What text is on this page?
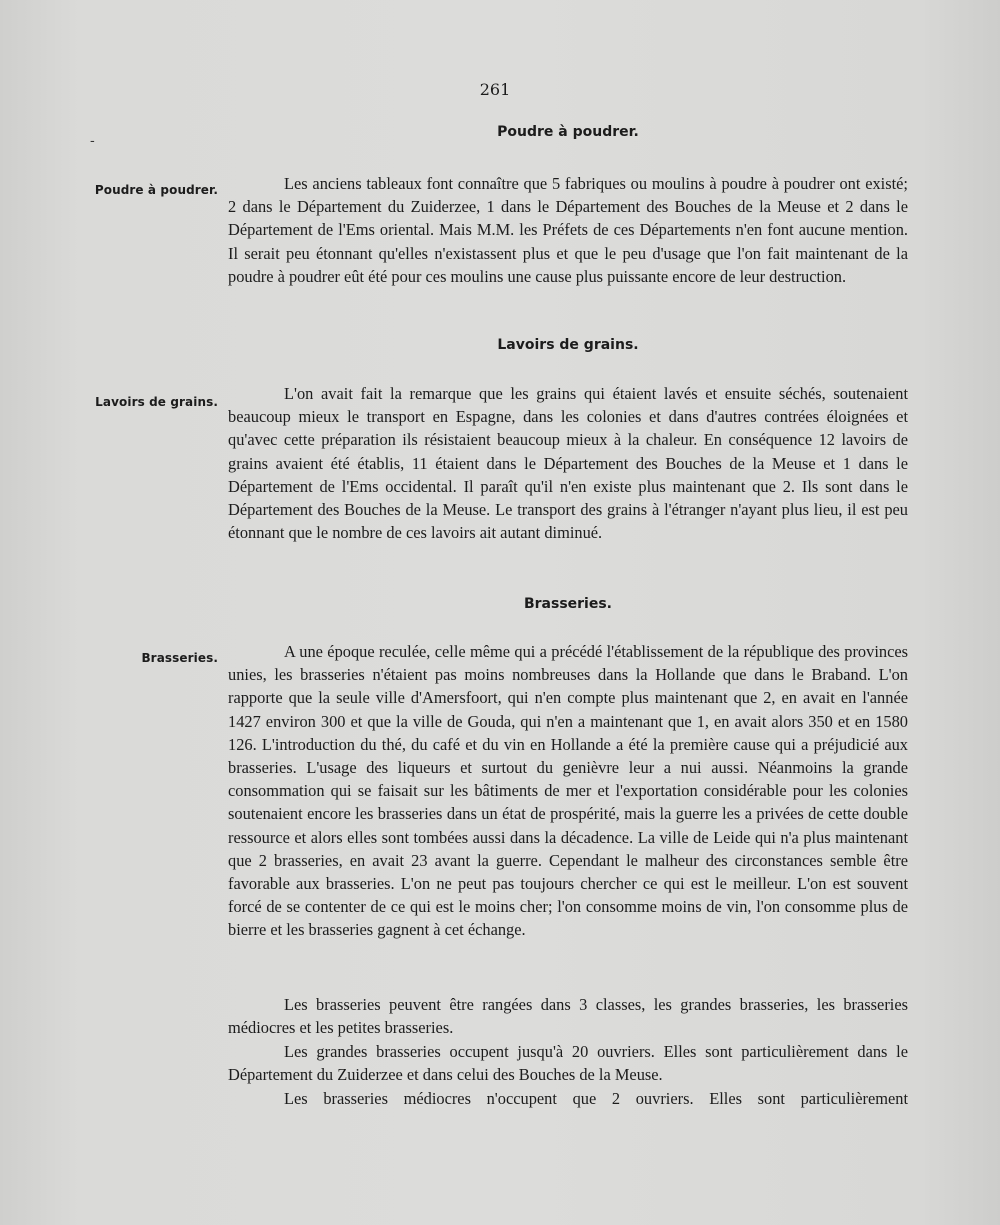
261
-
Poudre à poudrer.
Poudre à poudrer.	Les anciens tableaux font connaître que 5 fabriques ou moulins à poudre à poudrer ont existé; 2 dans le Département du Zuiderzee, 1 dans le Département des Bouches de la Meuse et 2 dans le Département de l'Ems oriental. Mais M.M. les Préfets de ces Départements n'en font aucune mention. Il serait peu étonnant qu'elles n'existassent plus et que le peu d'usage que l'on fait maintenant de la poudre à poudrer eût été pour ces moulins une cause plus puissante encore de leur destruction.

Lavoirs de grains.
Lavoirs de grains.	L'on avait fait la remarque que les grains qui étaient lavés et ensuite séchés, soutenaient beaucoup mieux le transport en Espagne, dans les colonies et dans d'autres contrées éloignées et qu'avec cette préparation ils résistaient beaucoup mieux à la chaleur. En conséquence 12 lavoirs de grains avaient été établis, 11 étaient dans le Département des Bouches de la Meuse et 1 dans le Département de l'Ems occidental. Il paraît qu'il n'en existe plus maintenant que 2. Ils sont dans le Département des Bouches de la Meuse. Le transport des grains à l'étranger n'ayant plus lieu, il est peu étonnant que le nombre de ces lavoirs ait autant diminué.

Brasseries.
Brasseries.	A une époque reculée, celle même qui a précédé l'établissement de la république des provinces unies, les brasseries n'étaient pas moins nombreuses dans la Hollande que dans le Braband. L'on rapporte que la seule ville d'Amersfoort, qui n'en compte plus maintenant que 2, en avait en l'année 1427 environ 300 et que la ville de Gouda, qui n'en a maintenant que 1, en avait alors 350 et en 1580 126. L'introduction du thé, du café et du vin en Hollande a été la première cause qui a préjudicié aux brasseries. L'usage des liqueurs et surtout du genièvre leur a nui aussi. Néanmoins la grande consommation qui se faisait sur les bâtiments de mer et l'exportation considérable pour les colonies soutenaient encore les brasseries dans un état de prospérité, mais la guerre les a privées de cette double ressource et alors elles sont tombées aussi dans la décadence. La ville de Leide qui n'a plus maintenant que 2 brasseries, en avait 23 avant la guerre. Cependant le malheur des circonstances semble être favorable aux brasseries. L'on ne peut pas toujours chercher ce qui est le meilleur. L'on est souvent forcé de se contenter de ce qui est le moins cher; l'on consomme moins de vin, l'on consomme plus de bierre et les brasseries gagnent à cet échange.

Les brasseries peuvent être rangées dans 3 classes, les grandes brasseries, les brasseries médiocres et les petites brasseries.

Les grandes brasseries occupent jusqu'à 20 ouvriers. Elles sont particulièrement dans le Département du Zuiderzee et dans celui des Bouches de la Meuse.

Les brasseries médiocres n'occupent que 2 ouvriers. Elles sont particulièrement
